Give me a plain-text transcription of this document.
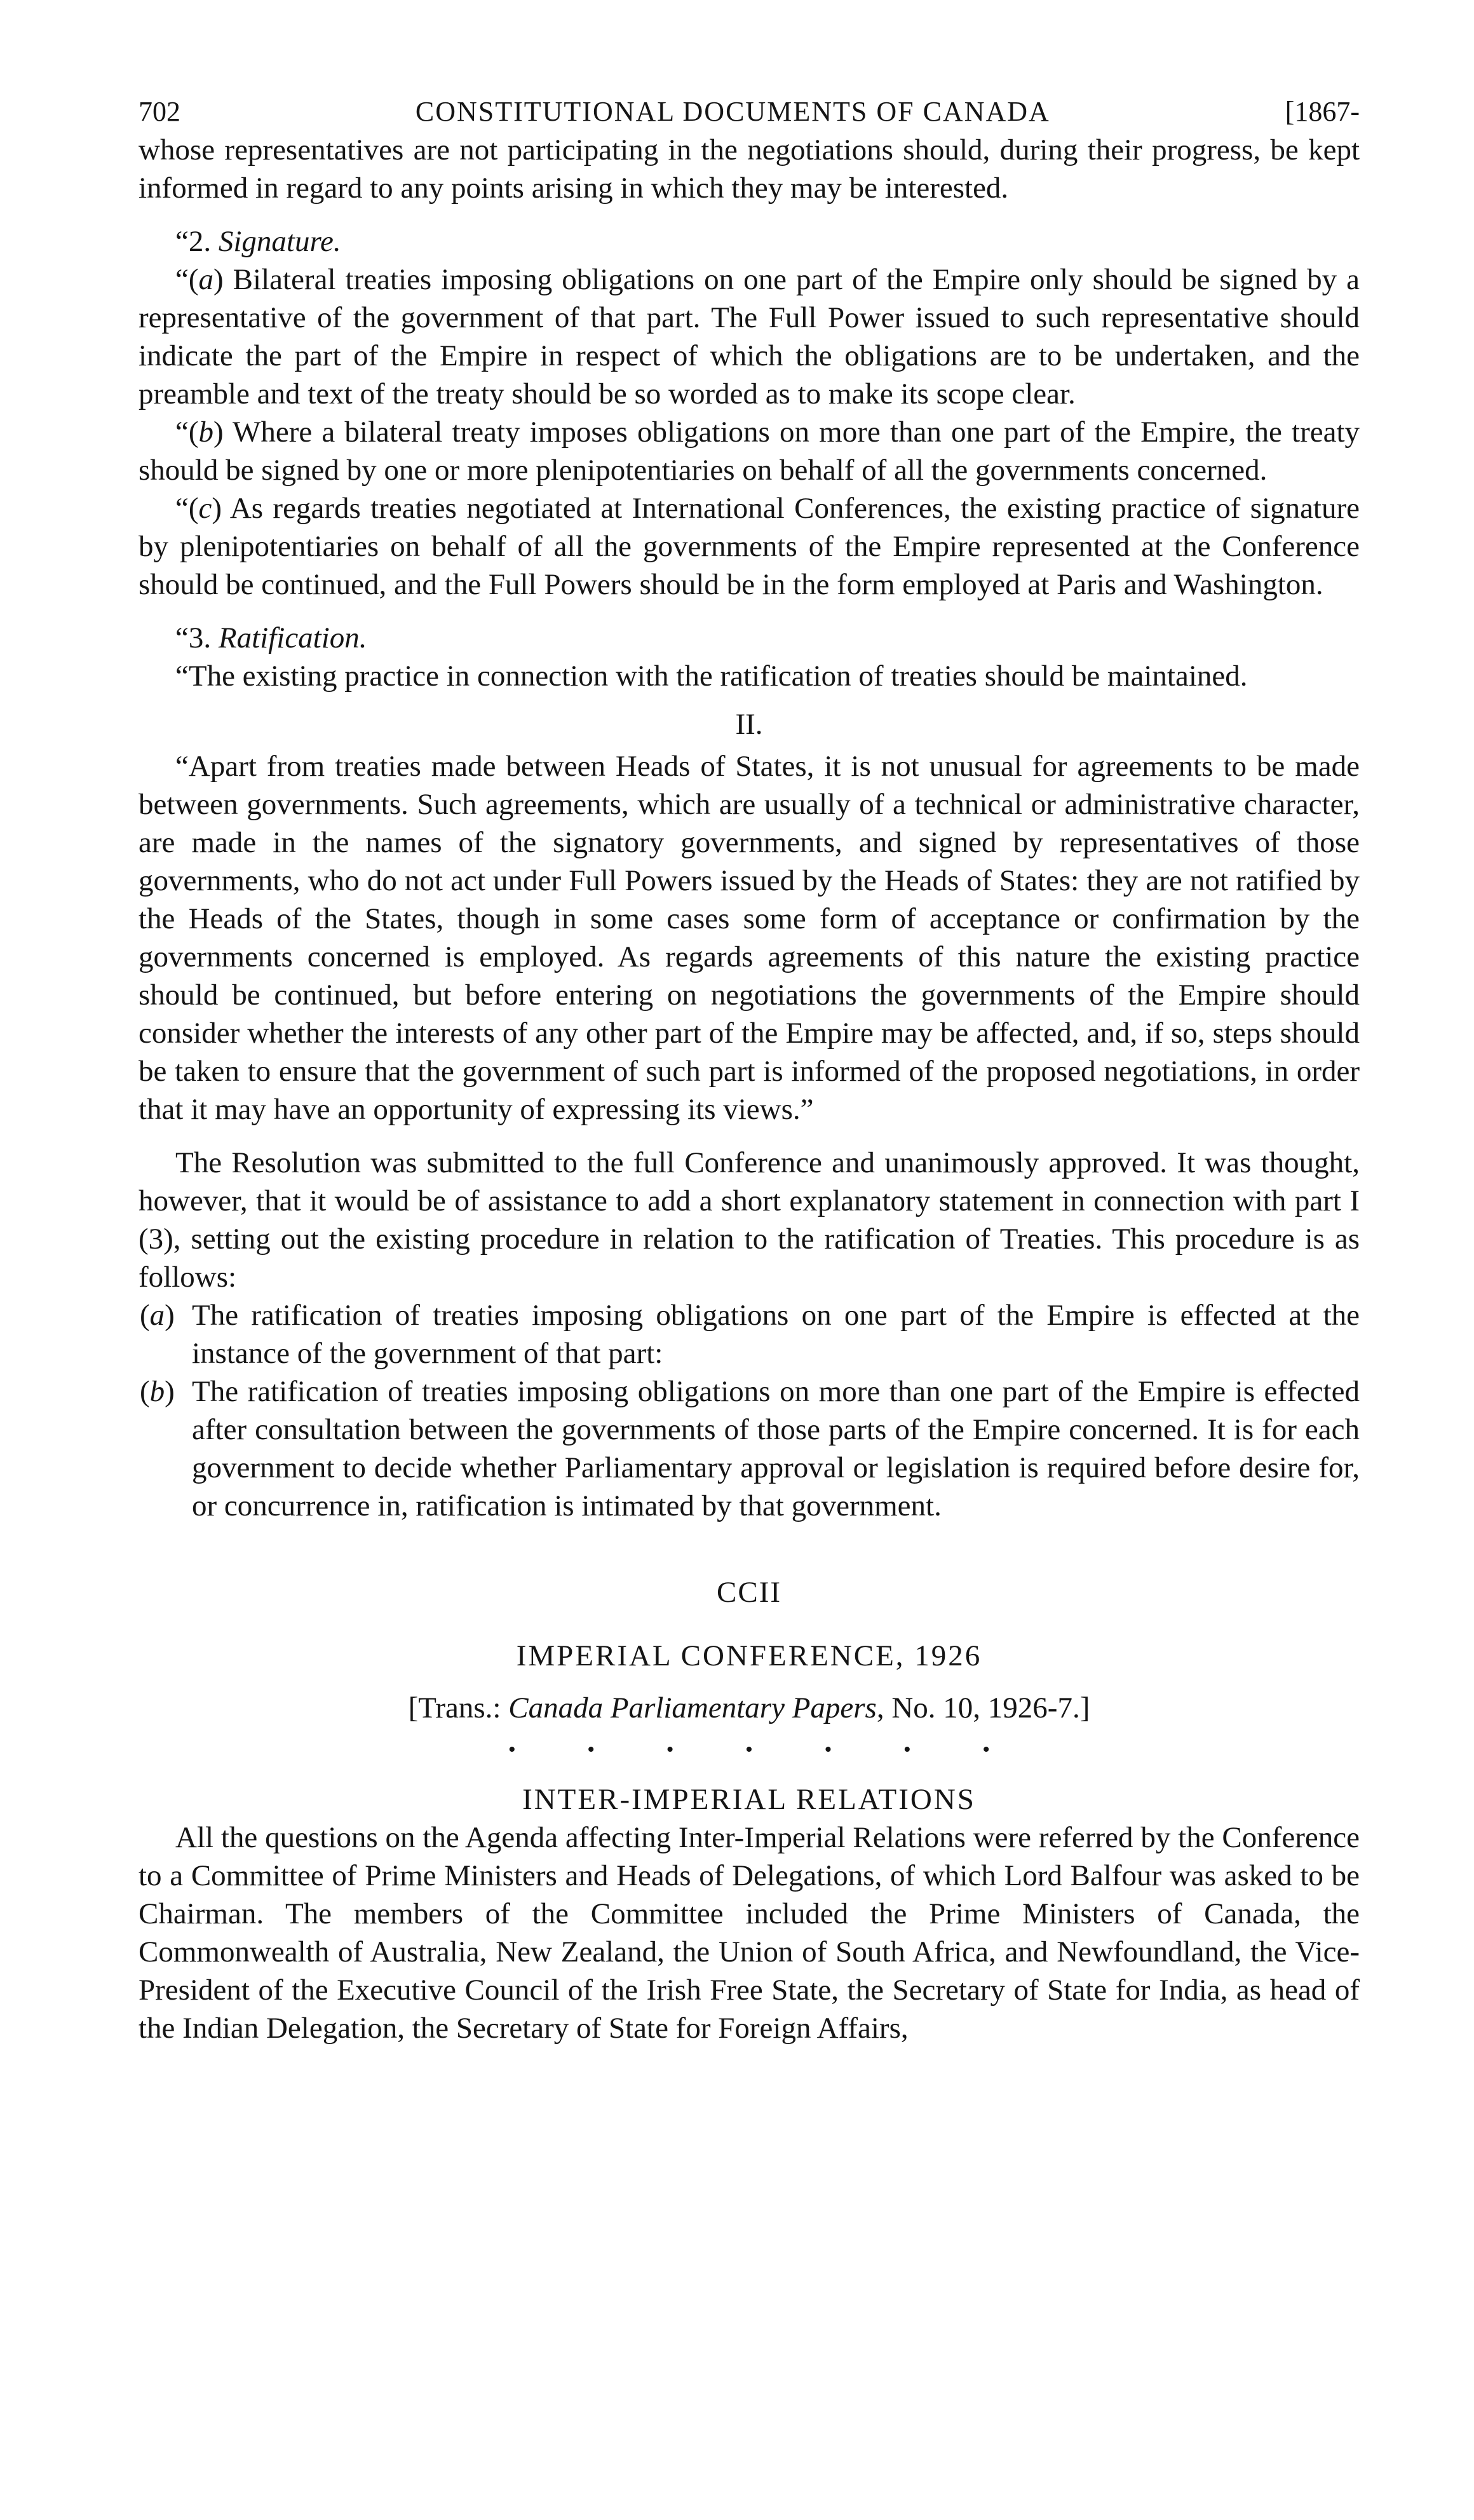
702	CONSTITUTIONAL DOCUMENTS OF CANADA	[1867-

whose representatives are not participating in the negotiations should, during their progress, be kept informed in regard to any points arising in which they may be interested.

“2. Signature.

“(a) Bilateral treaties imposing obligations on one part of the Empire only should be signed by a representative of the government of that part. The Full Power issued to such representative should indicate the part of the Empire in respect of which the obligations are to be undertaken, and the preamble and text of the treaty should be so worded as to make its scope clear.

“(b) Where a bilateral treaty imposes obligations on more than one part of the Empire, the treaty should be signed by one or more plenipotentiaries on behalf of all the governments concerned.

“(c) As regards treaties negotiated at International Conferences, the existing practice of signature by plenipotentiaries on behalf of all the governments of the Empire represented at the Conference should be continued, and the Full Powers should be in the form employed at Paris and Washington.

“3. Ratification.

“The existing practice in connection with the ratification of treaties should be maintained.

II.

“Apart from treaties made between Heads of States, it is not unusual for agreements to be made between governments. Such agreements, which are usually of a technical or administrative character, are made in the names of the signatory governments, and signed by representatives of those governments, who do not act under Full Powers issued by the Heads of States: they are not ratified by the Heads of the States, though in some cases some form of acceptance or confirmation by the governments concerned is employed. As regards agreements of this nature the existing practice should be continued, but before entering on negotiations the governments of the Empire should consider whether the interests of any other part of the Empire may be affected, and, if so, steps should be taken to ensure that the government of such part is informed of the proposed negotiations, in order that it may have an opportunity of expressing its views.”

The Resolution was submitted to the full Conference and unanimously approved. It was thought, however, that it would be of assistance to add a short explanatory statement in connection with part I (3), setting out the existing procedure in relation to the ratification of Treaties. This procedure is as follows:

(a) The ratification of treaties imposing obligations on one part of the Empire is effected at the instance of the government of that part:
(b) The ratification of treaties imposing obligations on more than one part of the Empire is effected after consultation between the governments of those parts of the Empire concerned. It is for each government to decide whether Parliamentary approval or legislation is required before desire for, or concurrence in, ratification is intimated by that government.

CCII

IMPERIAL CONFERENCE, 1926

[Trans.: Canada Parliamentary Papers, No. 10, 1926-7.]

• • • • • • •

INTER-IMPERIAL RELATIONS

All the questions on the Agenda affecting Inter-Imperial Relations were referred by the Conference to a Committee of Prime Ministers and Heads of Delegations, of which Lord Balfour was asked to be Chairman. The members of the Committee included the Prime Ministers of Canada, the Commonwealth of Australia, New Zealand, the Union of South Africa, and Newfoundland, the Vice-President of the Executive Council of the Irish Free State, the Secretary of State for India, as head of the Indian Delegation, the Secretary of State for Foreign Affairs,
